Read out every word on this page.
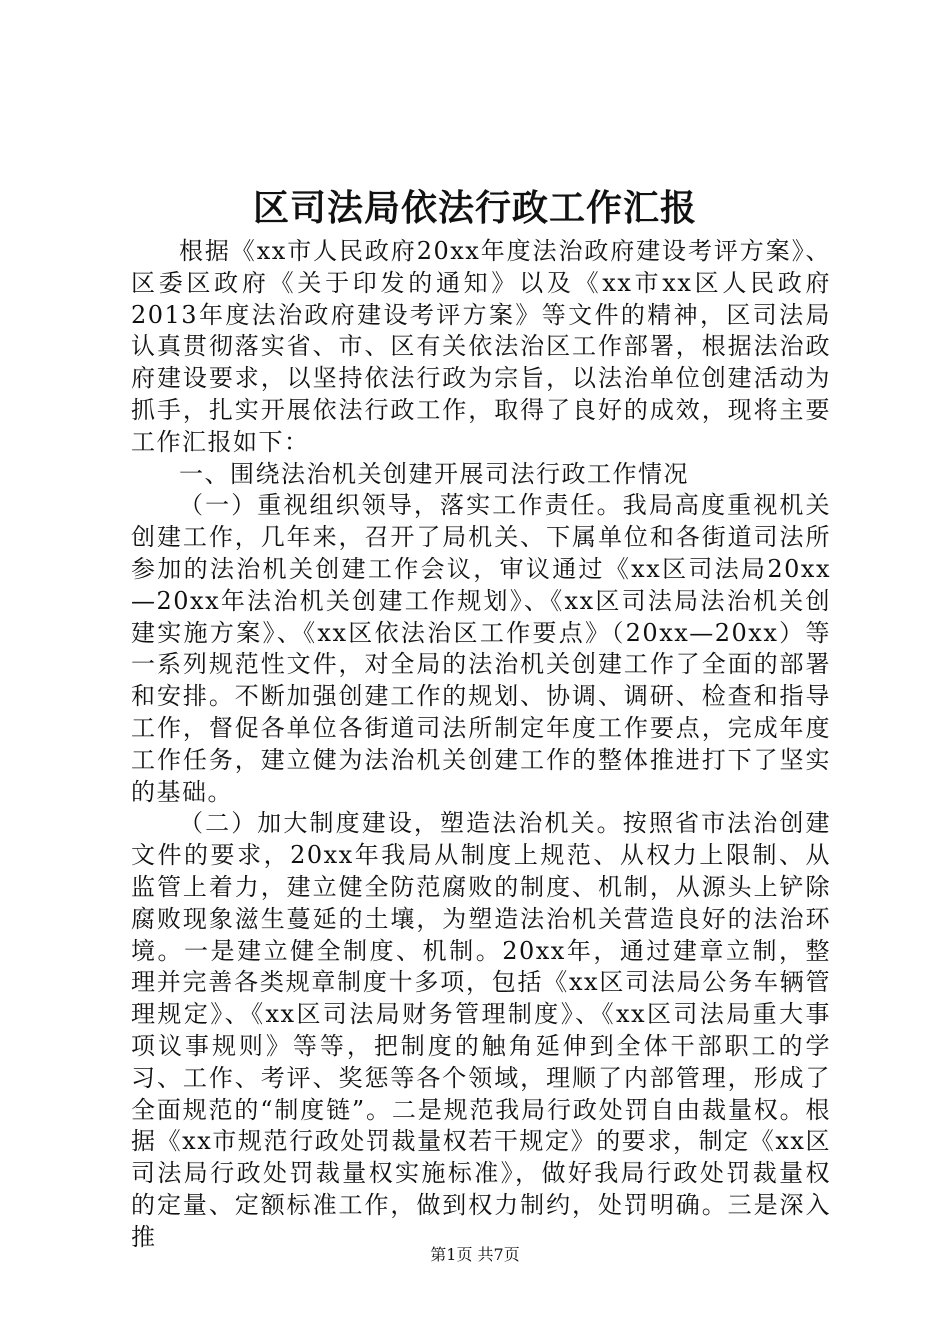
区司法局依法行政工作汇报

根据《xx市人民政府20xx年度法治政府建设考评方案》、区委区政府《关于印发的通知》以及《xx市xx区人民政府2013年度法治政府建设考评方案》等文件的精神，区司法局认真贯彻落实省、市、区有关依法治区工作部署，根据法治政府建设要求，以坚持依法行政为宗旨，以法治单位创建活动为抓手，扎实开展依法行政工作，取得了良好的成效，现将主要工作汇报如下：

一、围绕法治机关创建开展司法行政工作情况

（一）重视组织领导，落实工作责任。我局高度重视机关创建工作，几年来，召开了局机关、下属单位和各街道司法所参加的法治机关创建工作会议，审议通过《xx区司法局20xx—20xx年法治机关创建工作规划》、《xx区司法局法治机关创建实施方案》、《xx区依法治区工作要点》（20xx—20xx）等一系列规范性文件，对全局的法治机关创建工作了全面的部署和安排。不断加强创建工作的规划、协调、调研、检查和指导工作，督促各单位各街道司法所制定年度工作要点，完成年度工作任务，建立健为法治机关创建工作的整体推进打下了坚实的基础。

（二）加大制度建设，塑造法治机关。按照省市法治创建文件的要求，20xx年我局从制度上规范、从权力上限制、从监管上着力，建立健全防范腐败的制度、机制，从源头上铲除腐败现象滋生蔓延的土壤，为塑造法治机关营造良好的法治环境。一是建立健全制度、机制。20xx年，通过建章立制，整理并完善各类规章制度十多项，包括《xx区司法局公务车辆管理规定》、《xx区司法局财务管理制度》、《xx区司法局重大事项议事规则》等等，把制度的触角延伸到全体干部职工的学习、工作、考评、奖惩等各个领域，理顺了内部管理，形成了全面规范的“制度链”。二是规范我局行政处罚自由裁量权。根据《xx市规范行政处罚裁量权若干规定》的要求，制定《xx区司法局行政处罚裁量权实施标准》，做好我局行政处罚裁量权的定量、定额标准工作，做到权力制约，处罚明确。三是深入推

第1页 共7页
